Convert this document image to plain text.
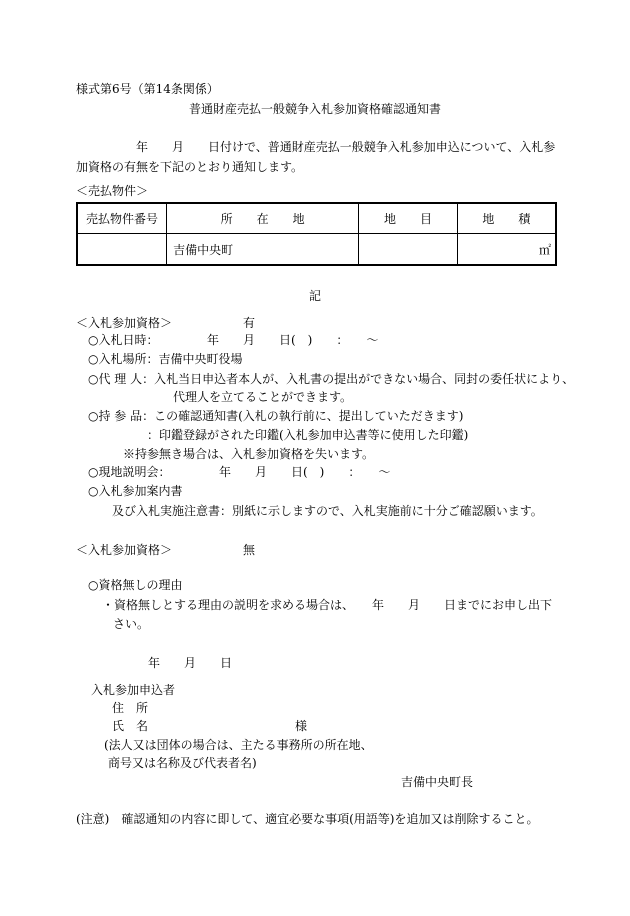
様式第6号（第14条関係）
普通財産売払一般競争入札参加資格確認通知書
年　　月　　日付けで、普通財産売払一般競争入札参加申込について、入札参
加資格の有無を下記のとおり通知します。
＜売払物件＞
売払物件番号	所　　在　　地	地　　目	地　　積
	吉備中央町		㎡
記
＜入札参加資格＞	有
○入札日時：	年　　月　　日(　)　　：　　～
○入札場所：吉備中央町役場
○代 理 人：入札当日申込者本人が、入札書の提出ができない場合、同封の委任状により、
代理人を立てることができます。
○持 参 品：この確認通知書(入札の執行前に、提出していただきます)
：印鑑登録がされた印鑑(入札参加申込書等に使用した印鑑)
※持参無き場合は、入札参加資格を失います。
○現地説明会：	年　　月　　日(　)　　：　　～
○入札参加案内書
及び入札実施注意書：別紙に示しますので、入札実施前に十分ご確認願います。
＜入札参加資格＞	無
○資格無しの理由
・資格無しとする理由の説明を求める場合は、　　年　　月　　日までにお申し出下
さい。
年　　月　　日
入札参加申込者
住　所
氏　名	様
(法人又は団体の場合は、主たる事務所の所在地、
商号又は名称及び代表者名)
吉備中央町長
(注意)　確認通知の内容に即して、適宜必要な事項(用語等)を追加又は削除すること。
